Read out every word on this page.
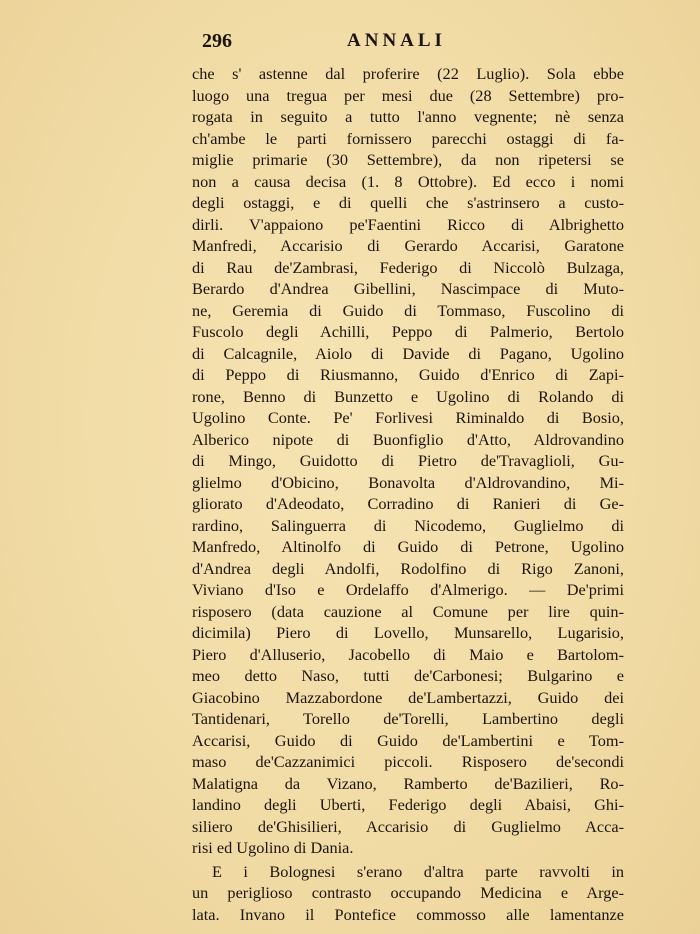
296	ANNALI
che s' astenne dal proferire (22 Luglio). Sola ebbe
luogo una tregua per mesi due (28 Settembre) pro-
rogata in seguito a tutto l'anno vegnente; nè senza
ch'ambe le parti fornissero parecchi ostaggi di fa-
miglie primarie (30 Settembre), da non ripetersi se
non a causa decisa (1. 8 Ottobre). Ed ecco i nomi
degli ostaggi, e di quelli che s'astrinsero a custo-
dirli. V'appaiono pe'Faentini Ricco di Albrighetto
Manfredi, Accarisio di Gerardo Accarisi, Garatone
di Rau de'Zambrasi, Federigo di Niccolò Bulzaga,
Berardo d'Andrea Gibellini, Nascimpace di Muto-
ne, Geremia di Guido di Tommaso, Fuscolino di
Fuscolo degli Achilli, Peppo di Palmerio, Bertolo
di Calcagnile, Aiolo di Davide di Pagano, Ugolino
di Peppo di Riusmanno, Guido d'Enrico di Zapi-
rone, Benno di Bunzetto e Ugolino di Rolando di
Ugolino Conte. Pe' Forlivesi Riminaldo di Bosio,
Alberico nipote di Buonfiglio d'Atto, Aldrovandino
di Mingo, Guidotto di Pietro de'Travaglioli, Gu-
glielmo d'Obicino, Bonavolta d'Aldrovandino, Mi-
gliorato d'Adeodato, Corradino di Ranieri di Ge-
rardino, Salinguerra di Nicodemo, Guglielmo di
Manfredo, Altinolfo di Guido di Petrone, Ugolino
d'Andrea degli Andolfi, Rodolfino di Rigo Zanoni,
Viviano d'Iso e Ordelaffo d'Almerigo. — De'primi
risposero (data cauzione al Comune per lire quin-
dicimila) Piero di Lovello, Munsarello, Lugarisio,
Piero d'Alluserio, Jacobello di Maio e Bartolom-
meo detto Naso, tutti de'Carbonesi; Bulgarino e
Giacobino Mazzabordone de'Lambertazzi, Guido dei
Tantidenari, Torello de'Torelli, Lambertino degli
Accarisi, Guido di Guido de'Lambertini e Tom-
maso de'Cazzanimici piccoli. Risposero de'secondi
Malatigna da Vizano, Ramberto de'Bazilieri, Ro-
landino degli Uberti, Federigo degli Abaisi, Ghi-
siliero de'Ghisilieri, Accarisio di Guglielmo Acca-
risi ed Ugolino di Dania.
E i Bolognesi s'erano d'altra parte ravvolti in
un periglioso contrasto occupando Medicina e Arge-
lata. Invano il Pontefice commosso alle lamentanze
